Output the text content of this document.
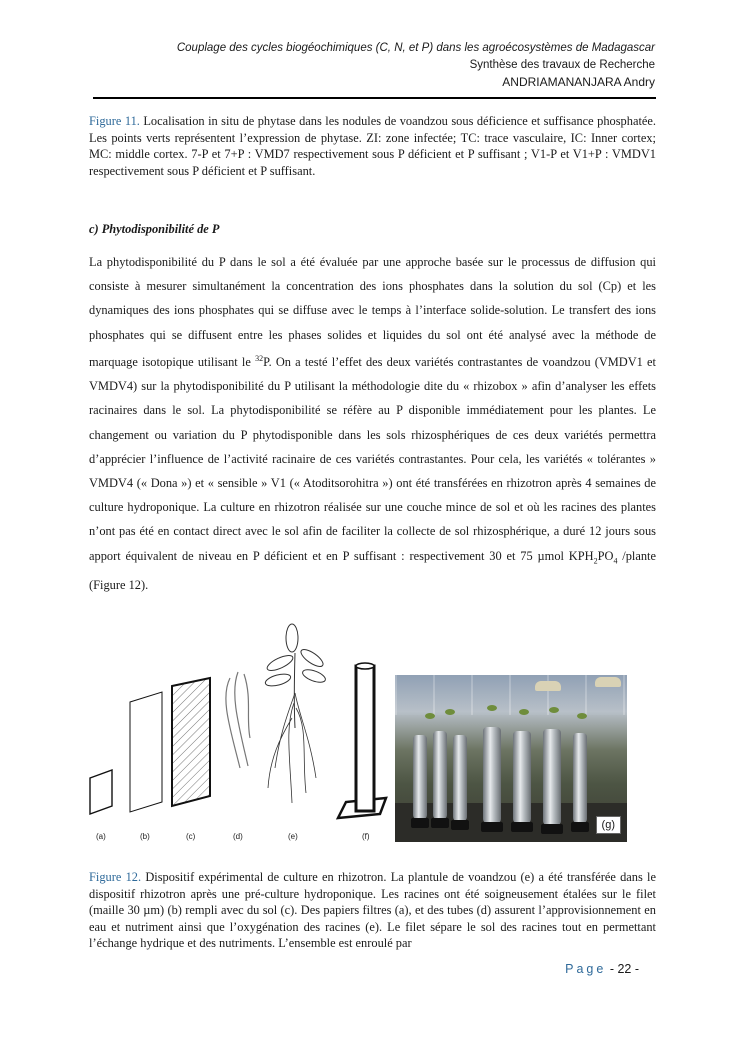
Couplage des cycles biogéochimiques (C, N, et P) dans les agroécosystèmes de Madagascar
Synthèse des travaux de Recherche
ANDRIAMANANJARA Andry
Figure 11. Localisation in situ de phytase dans les nodules de voandzou sous déficience et suffisance phosphatée. Les points verts représentent l’expression de phytase. ZI: zone infectée; TC: trace vasculaire, IC: Inner cortex; MC: middle cortex. 7-P et 7+P : VMD7 respectivement sous P déficient et P suffisant ; V1-P et V1+P : VMDV1 respectivement sous P déficient et P suffisant.
c) Phytodisponibilité de P

La phytodisponibilité du P dans le sol a été évaluée par une approche basée sur le processus de diffusion qui consiste à mesurer simultanément la concentration des ions phosphates dans la solution du sol (Cp) et les dynamiques des ions phosphates qui se diffuse avec le temps à l’interface solide-solution. Le transfert des ions phosphates qui se diffusent entre les phases solides et liquides du sol ont été analysé avec la méthode de marquage isotopique utilisant le $^{32}$P. On a testé l’effet des deux variétés contrastantes de voandzou (VMDV1 et VMDV4) sur la phytodisponibilité du P utilisant la méthodologie dite du « rhizobox » afin d’analyser les effets racinaires dans le sol. La phytodisponibilité se réfère au P disponible immédiatement pour les plantes. Le changement ou variation du P phytodisponible dans les sols rhizosphériques de ces deux variétés permettra d’apprécier l’influence de l’activité racinaire de ces variétés contrastantes. Pour cela, les variétés « tolérantes » VMDV4 (« Dona ») et « sensible » V1 (« Atoditsorohitra ») ont été transférées en rhizotron après 4 semaines de culture hydroponique. La culture en rhizotron réalisée sur une couche mince de sol et où les racines des plantes n’ont pas été en contact direct avec le sol afin de faciliter la collecte de sol rhizosphérique, a duré 12 jours sous apport équivalent de niveau en P déficient et en P suffisant : respectivement 30 et 75 µmol $KPH_2PO_4$ /plante (Figure 12).

(a)	(b)	(c)	(d)	(e)	(f)
(g)
Figure 12. Dispositif expérimental de culture en rhizotron. La plantule de voandzou (e) a été transférée dans le dispositif rhizotron après une pré-culture hydroponique. Les racines ont été soigneusement étalées sur le filet (maille 30 µm) (b) rempli avec du sol (c). Des papiers filtres (a), et des tubes (d) assurent l’approvisionnement en eau et nutriment ainsi que l’oxygénation des racines (e). Le filet sépare le sol des racines tout en permettant l’échange hydrique et des nutriments. L’ensemble est enroulé par
Page - 22 -
